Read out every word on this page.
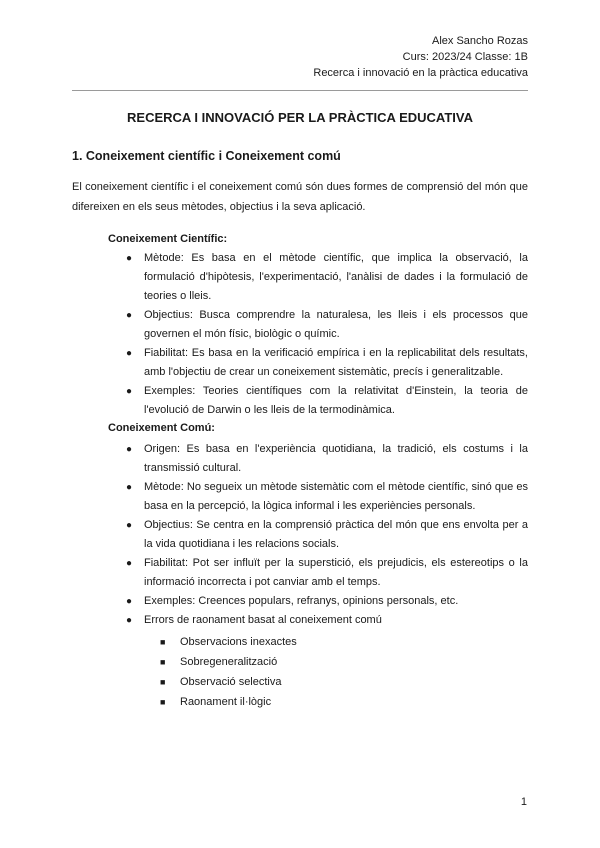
Alex Sancho Rozas
Curs: 2023/24 Classe: 1B
Recerca i innovació en la pràctica educativa
RECERCA I INNOVACIÓ PER LA PRÀCTICA EDUCATIVA
1. Coneixement científic i Coneixement comú
El coneixement científic i el coneixement comú són dues formes de comprensió del món que difereixen en els seus mètodes, objectius i la seva aplicació.
Coneixement Científic:
● Mètode: Es basa en el mètode científic, que implica la observació, la formulació d'hipòtesis, l'experimentació, l'anàlisi de dades i la formulació de teories o lleis.
● Objectius: Busca comprendre la naturalesa, les lleis i els processos que governen el món físic, biològic o químic.
● Fiabilitat: Es basa en la verificació empírica i en la replicabilitat dels resultats, amb l'objectiu de crear un coneixement sistemàtic, precís i generalitzable.
● Exemples: Teories científiques com la relativitat d'Einstein, la teoria de l'evolució de Darwin o les lleis de la termodinàmica.
Coneixement Comú:
● Origen: Es basa en l'experiència quotidiana, la tradició, els costums i la transmissió cultural.
● Mètode: No segueix un mètode sistemàtic com el mètode científic, sinó que es basa en la percepció, la lògica informal i les experiències personals.
● Objectius: Se centra en la comprensió pràctica del món que ens envolta per a la vida quotidiana i les relacions socials.
● Fiabilitat: Pot ser influït per la superstició, els prejudicis, els estereotips o la informació incorrecta i pot canviar amb el temps.
● Exemples: Creences populars, refranys, opinions personals, etc.
● Errors de raonament basat al coneixement comú
■ Observacions inexactes
■ Sobregeneralització
■ Observació selectiva
■ Raonament il·lògic
1
